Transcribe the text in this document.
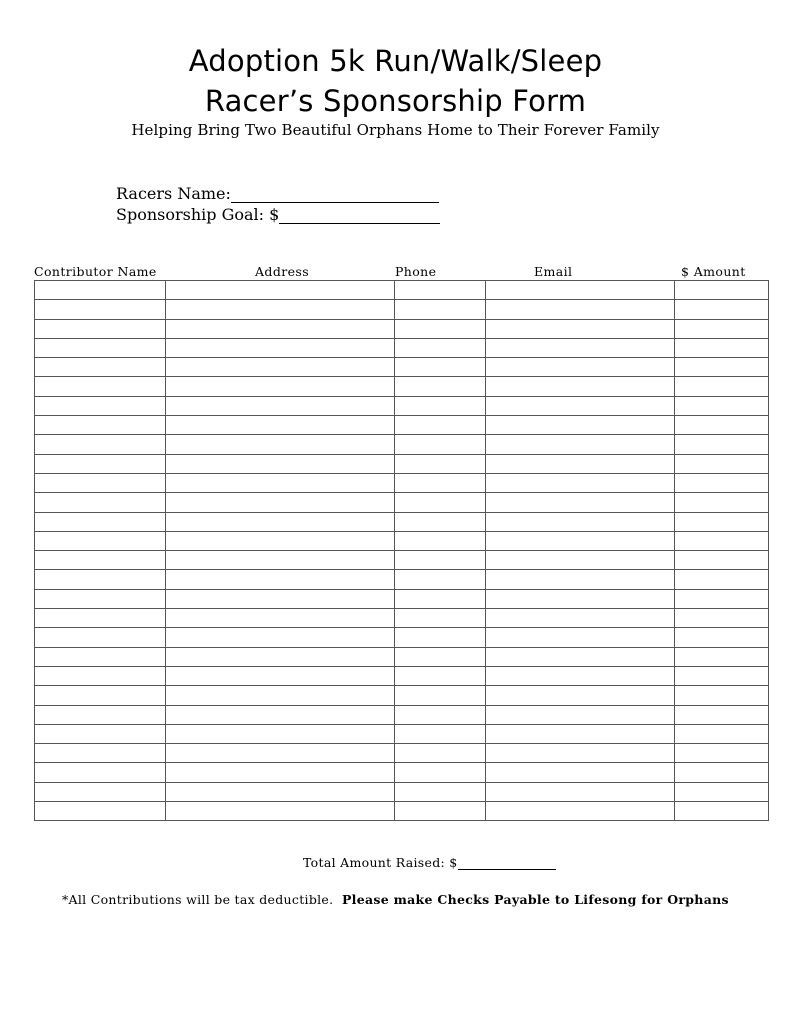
Adoption 5k Run/Walk/Sleep
Racer’s Sponsorship Form
Helping Bring Two Beautiful Orphans Home to Their Forever Family
Racers Name:
Sponsorship Goal: $
Contributor Name	Address	Phone	Email	$ Amount

Total Amount Raised: $
*All Contributions will be tax deductible. Please make Checks Payable to Lifesong for Orphans
